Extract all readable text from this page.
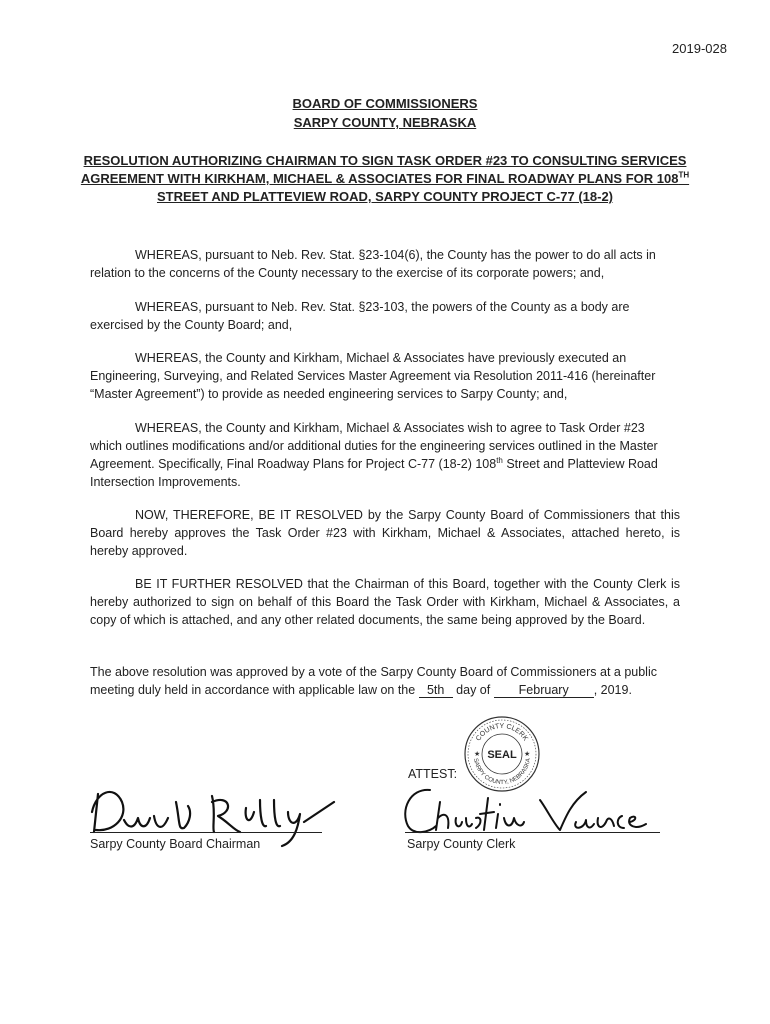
2019-028
BOARD OF COMMISSIONERS
SARPY COUNTY, NEBRASKA
RESOLUTION AUTHORIZING CHAIRMAN TO SIGN TASK ORDER #23 TO CONSULTING SERVICES AGREEMENT WITH KIRKHAM, MICHAEL & ASSOCIATES FOR FINAL ROADWAY PLANS FOR 108TH STREET AND PLATTEVIEW ROAD, SARPY COUNTY PROJECT C-77 (18-2)
WHEREAS, pursuant to Neb. Rev. Stat. §23-104(6), the County has the power to do all acts in relation to the concerns of the County necessary to the exercise of its corporate powers; and,
WHEREAS, pursuant to Neb. Rev. Stat. §23-103, the powers of the County as a body are exercised by the County Board; and,
WHEREAS, the County and Kirkham, Michael & Associates have previously executed an Engineering, Surveying, and Related Services Master Agreement via Resolution 2011-416 (hereinafter “Master Agreement”) to provide as needed engineering services to Sarpy County; and,
WHEREAS, the County and Kirkham, Michael & Associates wish to agree to Task Order #23 which outlines modifications and/or additional duties for the engineering services outlined in the Master Agreement. Specifically, Final Roadway Plans for Project C-77 (18-2) 108th Street and Platteview Road Intersection Improvements.
NOW, THEREFORE, BE IT RESOLVED by the Sarpy County Board of Commissioners that this Board hereby approves the Task Order #23 with Kirkham, Michael & Associates, attached hereto, is hereby approved.
BE IT FURTHER RESOLVED that the Chairman of this Board, together with the County Clerk is hereby authorized to sign on behalf of this Board the Task Order with Kirkham, Michael & Associates, a copy of which is attached, and any other related documents, the same being approved by the Board.
The above resolution was approved by a vote of the Sarpy County Board of Commissioners at a public meeting duly held in accordance with applicable law on the 5th day of February , 2019.
COUNTY CLERK
SARPY COUNTY, NEBRASKA
SEAL
★	★
ATTEST:
Sarpy County Board Chairman	Sarpy County Clerk
